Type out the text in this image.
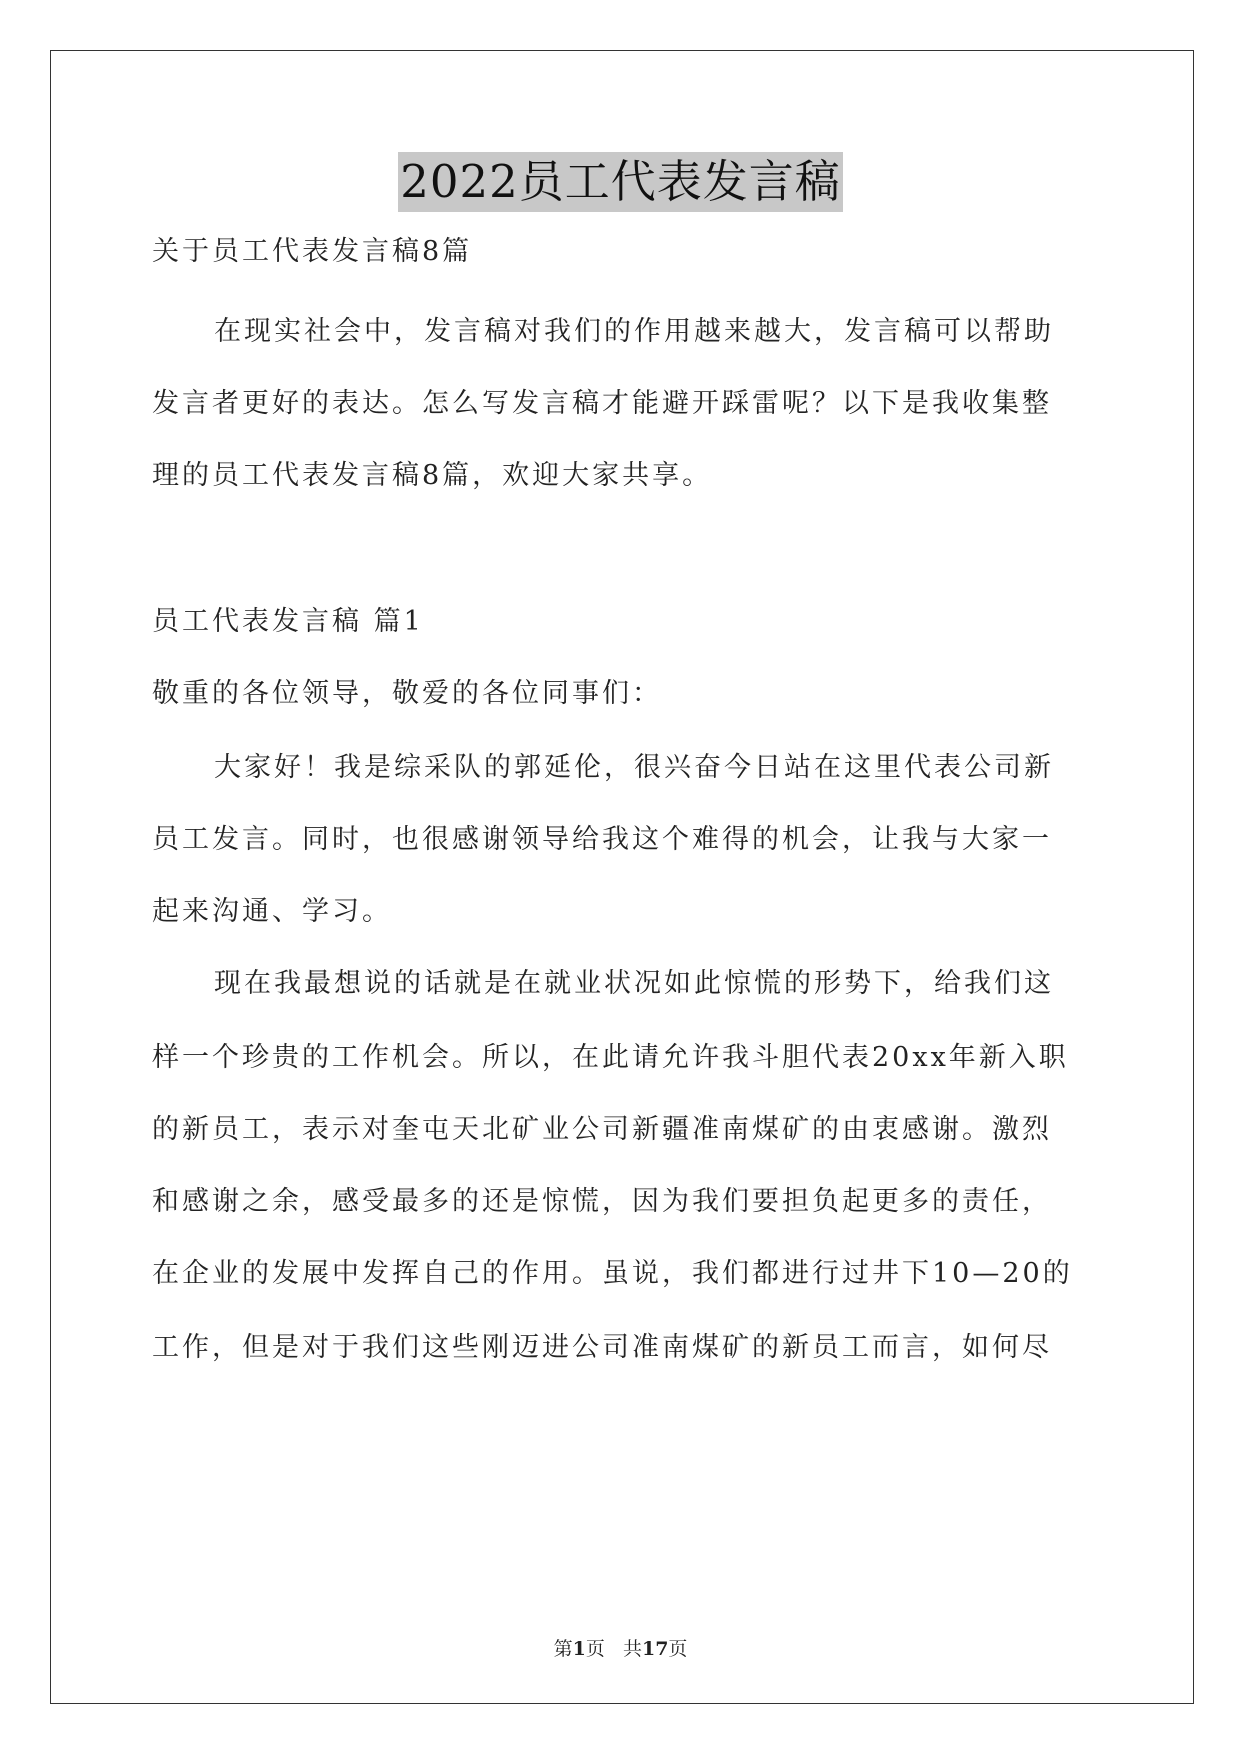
2022员工代表发言稿
关于员工代表发言稿8篇
在现实社会中，发言稿对我们的作用越来越大，发言稿可以帮助
发言者更好的表达。怎么写发言稿才能避开踩雷呢？以下是我收集整
理的员工代表发言稿8篇，欢迎大家共享。
员工代表发言稿 篇1
敬重的各位领导，敬爱的各位同事们：
大家好！我是综采队的郭延伦，很兴奋今日站在这里代表公司新
员工发言。同时，也很感谢领导给我这个难得的机会，让我与大家一
起来沟通、学习。
现在我最想说的话就是在就业状况如此惊慌的形势下，给我们这
样一个珍贵的工作机会。所以，在此请允许我斗胆代表20xx年新入职
的新员工，表示对奎屯天北矿业公司新疆准南煤矿的由衷感谢。激烈
和感谢之余，感受最多的还是惊慌，因为我们要担负起更多的责任，
在企业的发展中发挥自己的作用。虽说，我们都进行过井下10—20的
工作，但是对于我们这些刚迈进公司准南煤矿的新员工而言，如何尽
第1页 共17页
